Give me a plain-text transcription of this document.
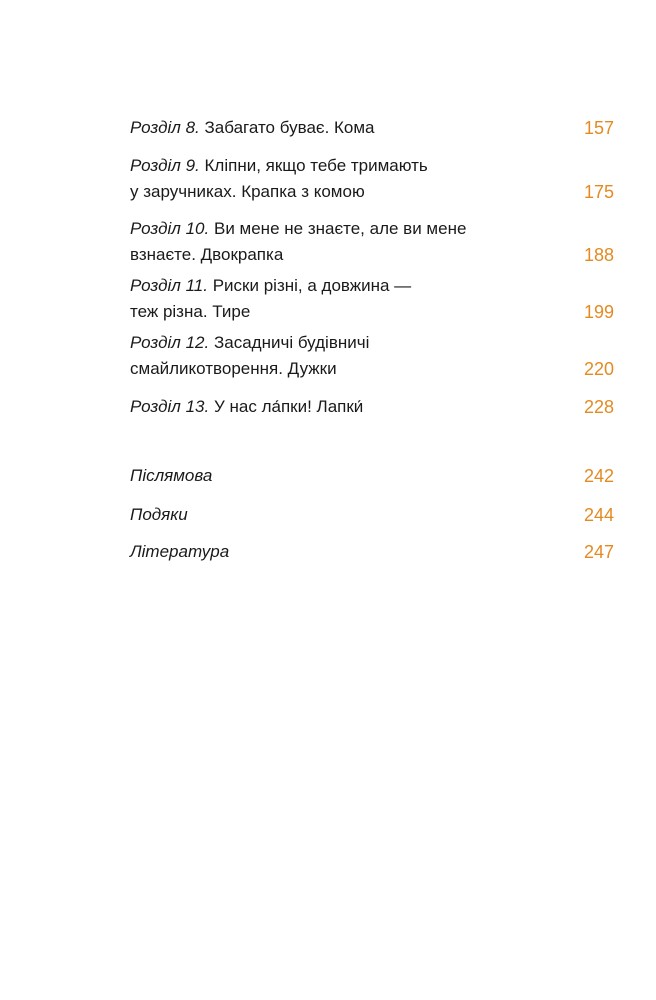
Розділ 8. Забагато буває. Кома	157
Розділ 9. Кліпни, якщо тебе тримають
у заручниках. Крапка з комою	175
Розділ 10. Ви мене не знаєте, але ви мене
взнаєте. Двокрапка	188
Розділ 11. Риски різні, а довжина —
теж різна. Тире	199
Розділ 12. Засадничі будівничі
смайликотворення. Дужки	220
Розділ 13. У нас ла́пки! Лапки́	228
Післямова	242
Подяки	244
Література	247
